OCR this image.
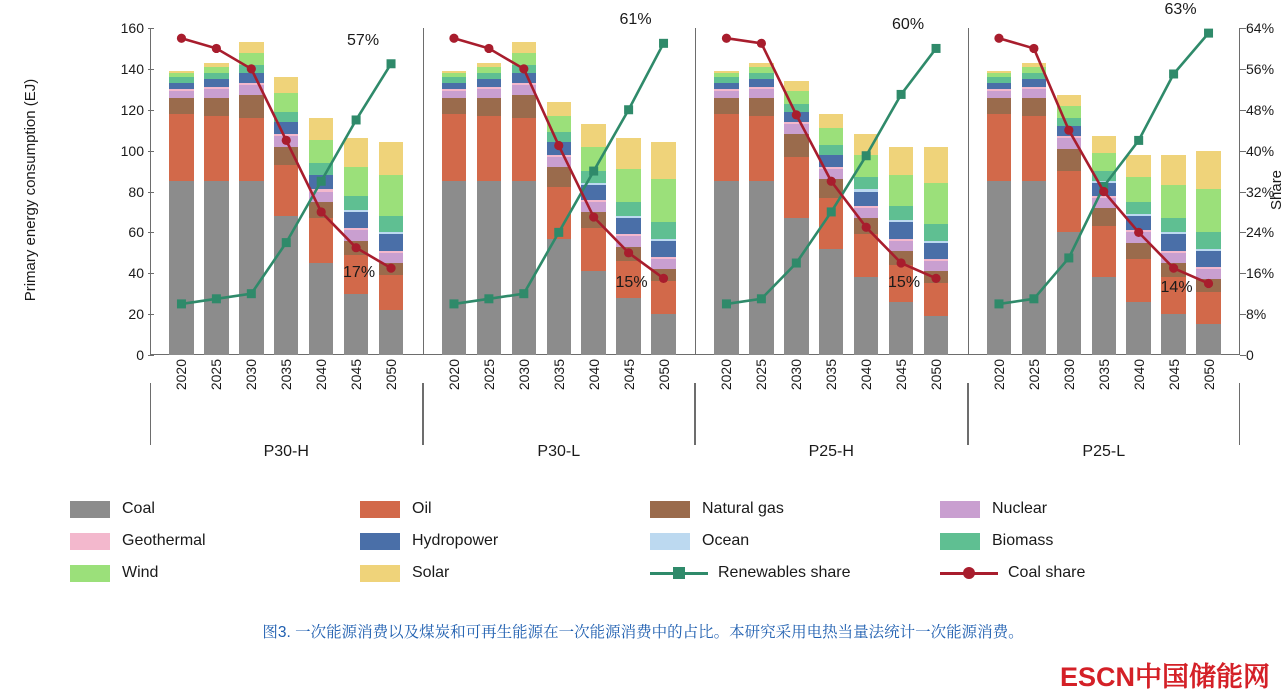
Primary energy consumption (EJ)	Share
0
20
40
60
80
100
120
140
160
0
8%
16%
24%
32%
40%
48%
56%
64%
2020 2025 2030 2035 2040 2045 2050	2020 2025 2030 2035 2040 2045 2050	2020 2025 2030 2035 2040 2045 2050	2020 2025 2030 2035 2040 2045 2050
P30-H	P30-L	P25-H	P25-L
57%
17%
61%
15%
60%
15%
63%
14%
Coal	Oil	Natural gas	Nuclear
Geothermal	Hydropower	Ocean	Biomass
Wind	Solar	Renewables share	Coal share
图3. 一次能源消费以及煤炭和可再生能源在一次能源消费中的占比。本研究采用电热当量法统计一次能源消费。
ESCN中国储能网
